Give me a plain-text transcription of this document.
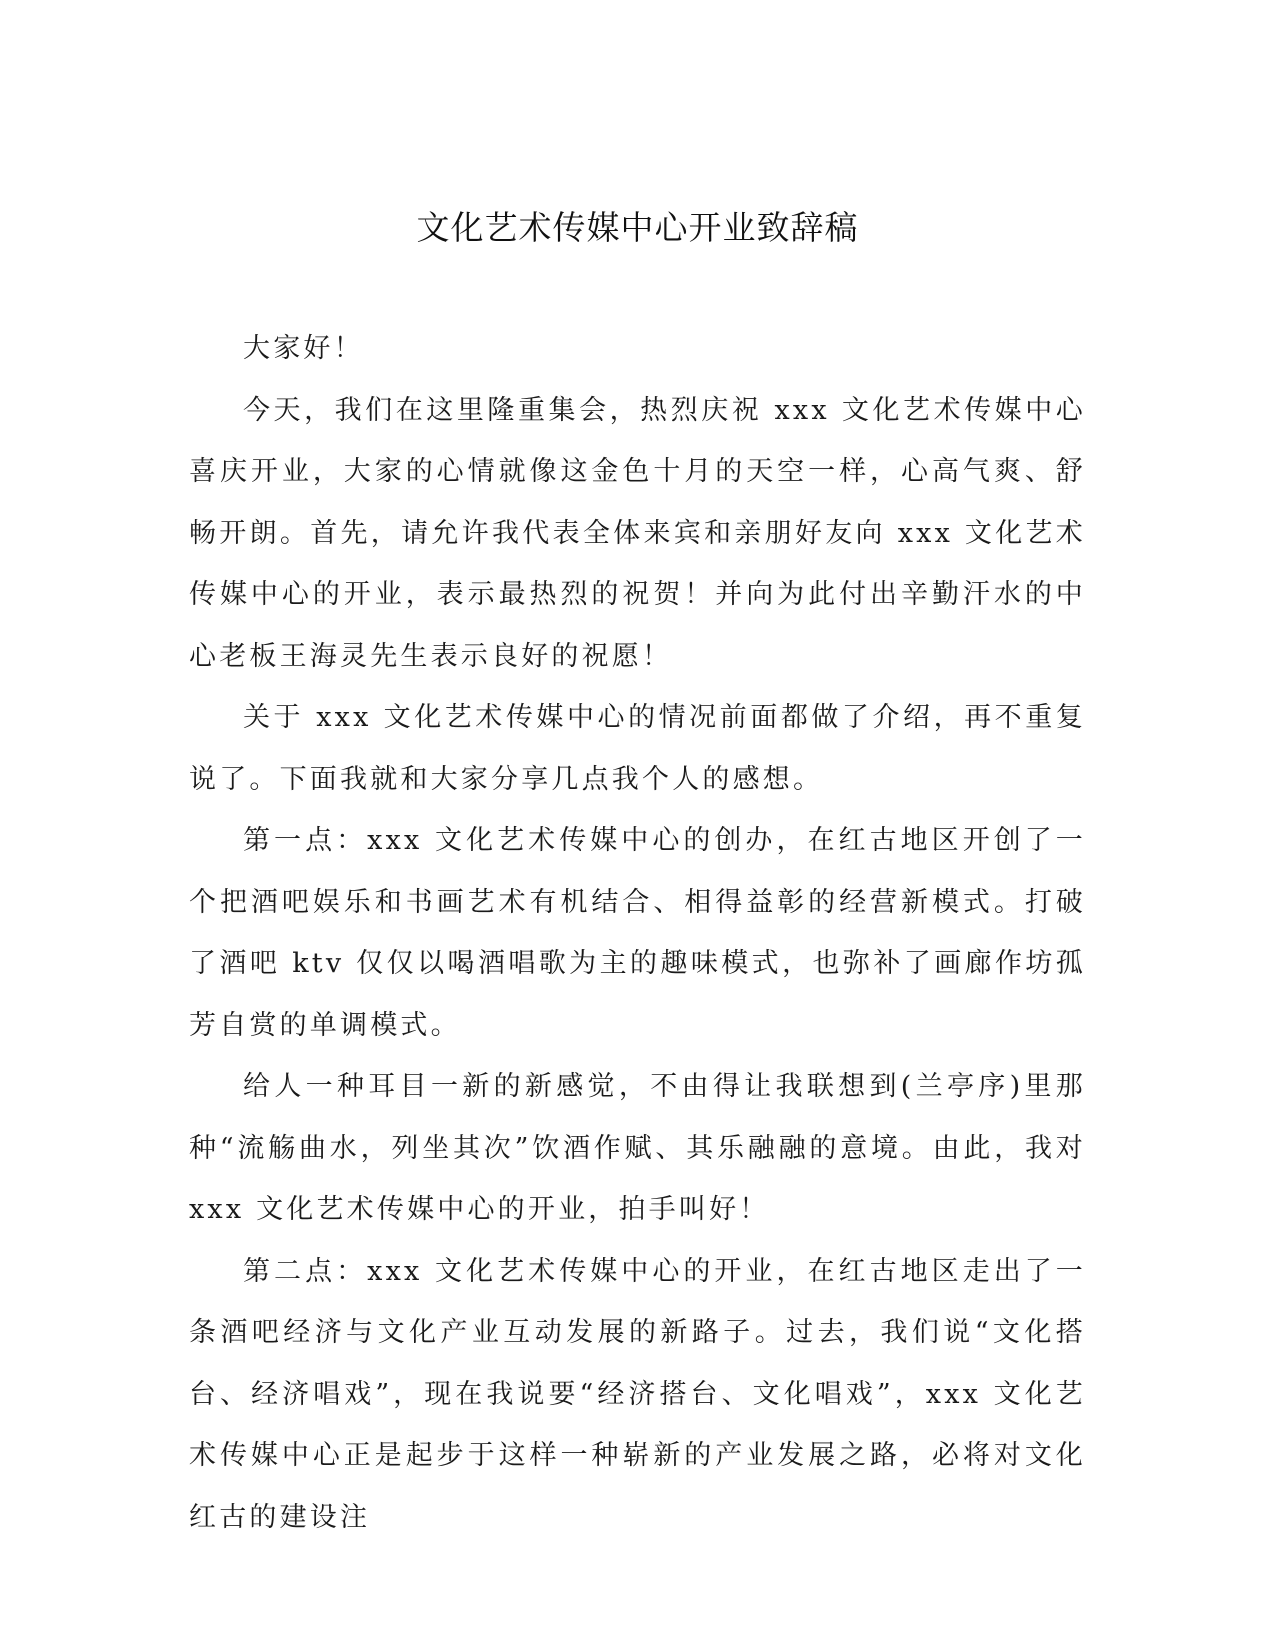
文化艺术传媒中心开业致辞稿

大家好！

今天，我们在这里隆重集会，热烈庆祝 xxx 文化艺术传媒中心喜庆开业，大家的心情就像这金色十月的天空一样，心高气爽、舒畅开朗。首先，请允许我代表全体来宾和亲朋好友向 xxx 文化艺术传媒中心的开业，表示最热烈的祝贺！并向为此付出辛勤汗水的中心老板王海灵先生表示良好的祝愿！

关于 xxx 文化艺术传媒中心的情况前面都做了介绍，再不重复说了。下面我就和大家分享几点我个人的感想。

第一点：xxx 文化艺术传媒中心的创办，在红古地区开创了一个把酒吧娱乐和书画艺术有机结合、相得益彰的经营新模式。打破了酒吧 ktv 仅仅以喝酒唱歌为主的趣味模式，也弥补了画廊作坊孤芳自赏的单调模式。

给人一种耳目一新的新感觉，不由得让我联想到(兰亭序)里那种“流觞曲水，列坐其次”饮酒作赋、其乐融融的意境。由此，我对 xxx 文化艺术传媒中心的开业，拍手叫好！

第二点：xxx 文化艺术传媒中心的开业，在红古地区走出了一条酒吧经济与文化产业互动发展的新路子。过去，我们说“文化搭台、经济唱戏”，现在我说要“经济搭台、文化唱戏”，xxx 文化艺术传媒中心正是起步于这样一种崭新的产业发展之路，必将对文化红古的建设注
